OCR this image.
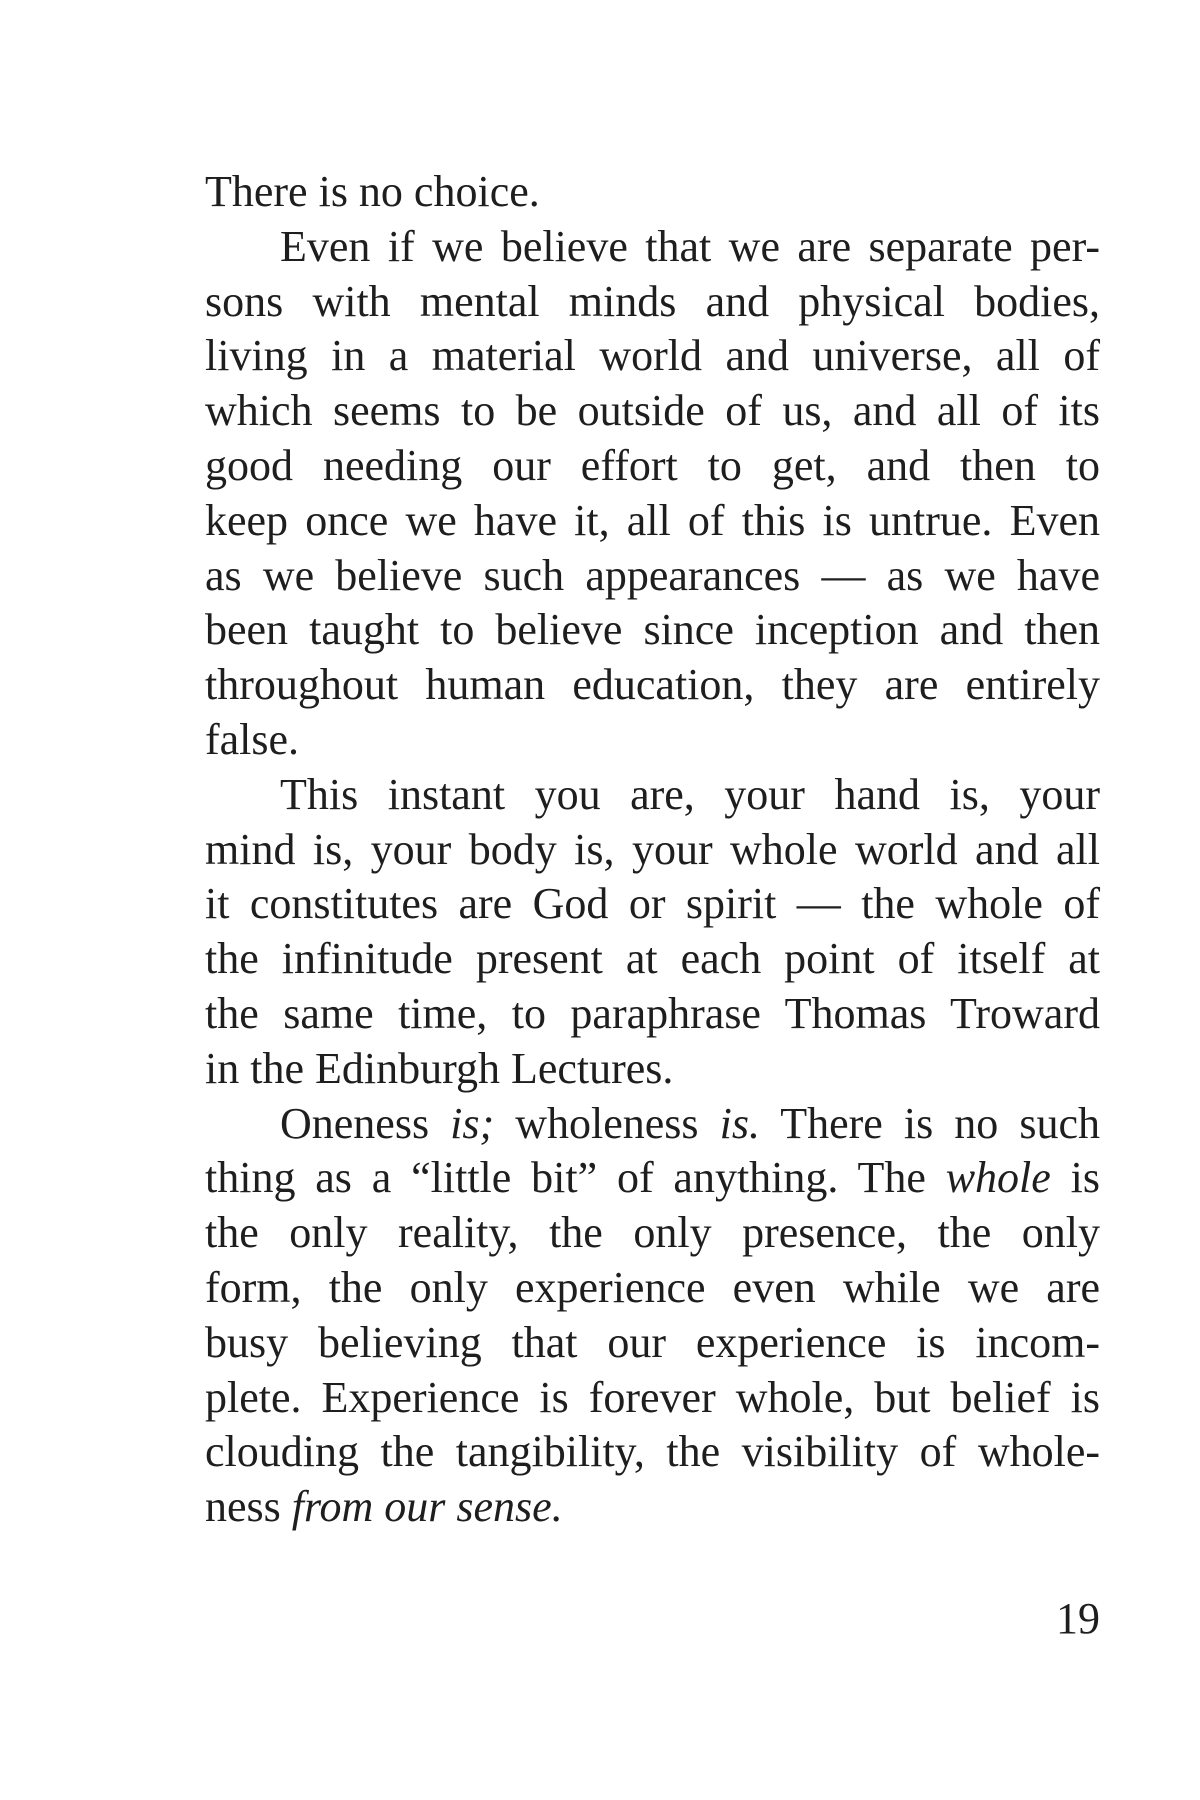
There is no choice.
Even if we believe that we are separate per-
sons with mental minds and physical bodies,
living in a material world and universe, all of
which seems to be outside of us, and all of its
good needing our effort to get, and then to
keep once we have it, all of this is untrue. Even
as we believe such appearances — as we have
been taught to believe since inception and then
throughout human education, they are entirely
false.
This instant you are, your hand is, your
mind is, your body is, your whole world and all
it constitutes are God or spirit — the whole of
the infinitude present at each point of itself at
the same time, to paraphrase Thomas Troward
in the Edinburgh Lectures.
Oneness is; wholeness is. There is no such
thing as a “little bit” of anything. The whole is
the only reality, the only presence, the only
form, the only experience even while we are
busy believing that our experience is incom-
plete. Experience is forever whole, but belief is
clouding the tangibility, the visibility of whole-
ness from our sense.
19
